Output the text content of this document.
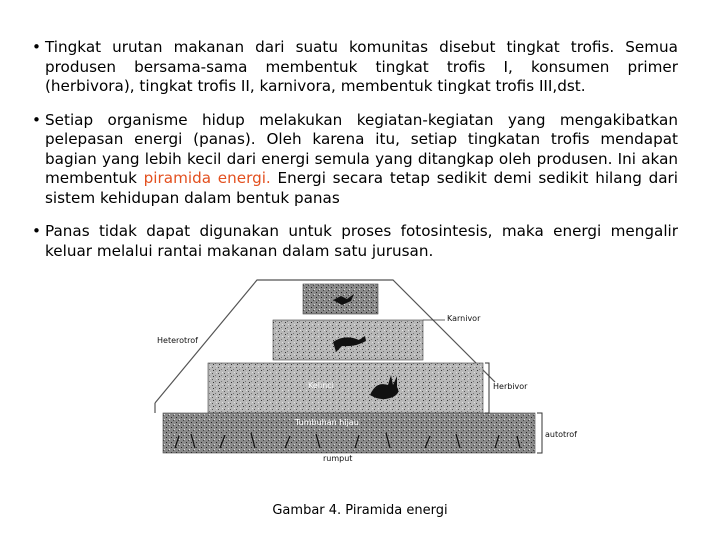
• Tingkat urutan makanan dari suatu komunitas disebut tingkat trofis. Semua produsen bersama-sama membentuk tingkat trofis I, konsumen primer (herbivora), tingkat trofis II, karnivora, membentuk tingkat trofis III,dst.
• Setiap organisme hidup melakukan kegiatan-kegiatan yang mengakibatkan pelepasan energi (panas). Oleh karena itu, setiap tingkatan trofis mendapat bagian yang lebih kecil dari energi semula yang ditangkap oleh produsen. Ini akan membentuk piramida energi. Energi secara tetap sedikit demi sedikit hilang dari sistem kehidupan dalam bentuk panas
• Panas tidak dapat digunakan untuk proses fotosintesis, maka energi mengalir keluar melalui rantai makanan dalam satu jurusan.
Heterotrof
Karnivor
Herbivor
autotrof
Kelinci
Tumbuhan hijau
rumput
Gambar 4. Piramida energi
